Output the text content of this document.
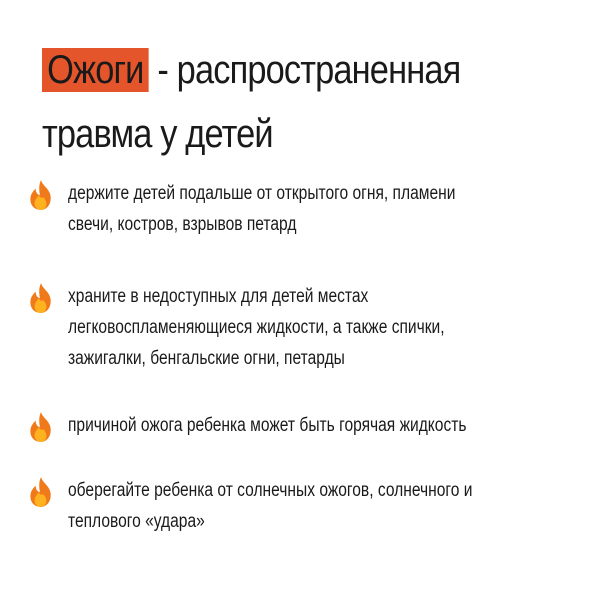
Ожоги - распространенная
травма у детей
держите детей подальше от открытого огня, пламени
свечи, костров, взрывов петард
храните в недоступных для детей местах
легковоспламеняющиеся жидкости, а также спички,
зажигалки, бенгальские огни, петарды
причиной ожога ребенка может быть горячая жидкость
оберегайте ребенка от солнечных ожогов, солнечного и
теплового «удара»
